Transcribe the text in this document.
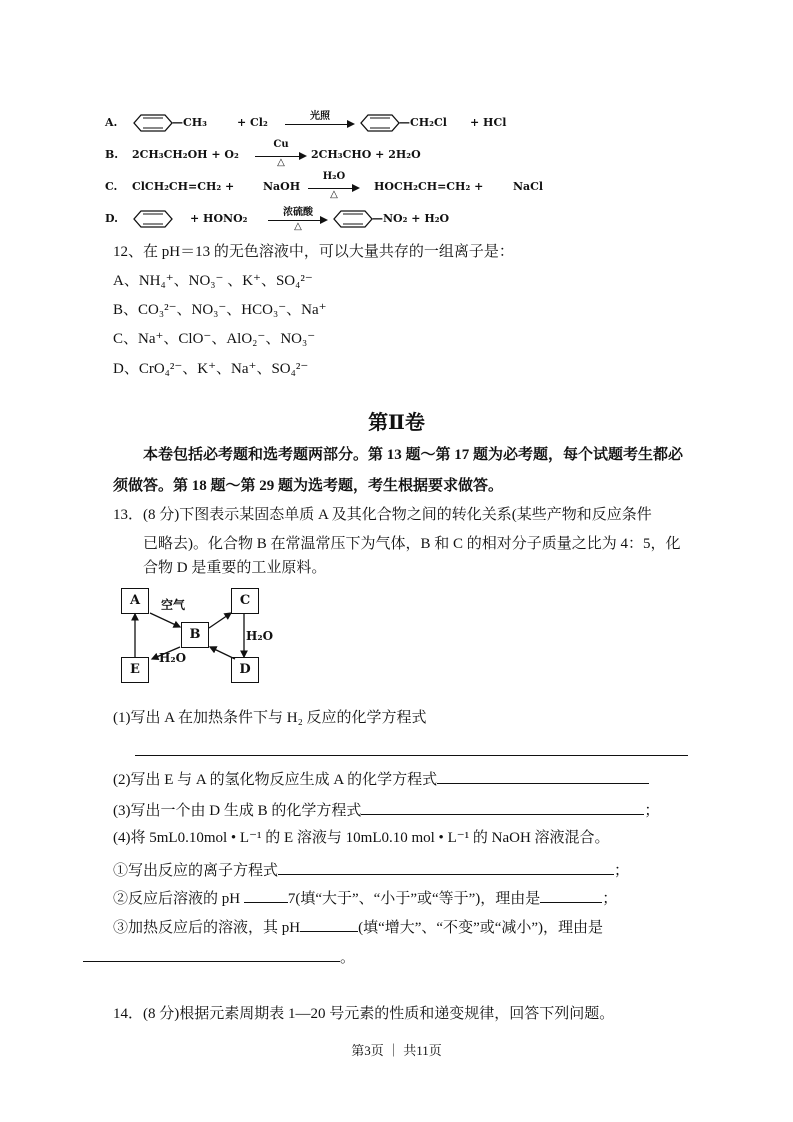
A.	—CH₃	+ Cl₂	光照	—CH₂Cl + HCl
B. 2CH₃CH₂OH + O₂
Cu
△
2CH₃CHO + 2H₂O
C. ClCH₂CH=CH₂ +	NaOH
H₂O
△
HOCH₂CH=CH₂ +	NaCl
D.	+ HONO₂	浓硫酸
△
—NO₂ + H₂O
12、在 pH＝13 的无色溶液中，可以大量共存的一组离子是：
A、NH₄⁺、NO₃⁻ 、K⁺、SO₄²⁻
B、CO₃²⁻、NO₃⁻、HCO₃⁻、Na⁺
C、Na⁺、ClO⁻、AlO₂⁻、NO₃⁻
D、CrO₄²⁻、K⁺、Na⁺、SO₄²⁻
第Ⅱ卷
本卷包括必考题和选考题两部分。第 13 题～第 17 题为必考题，每个试题考生都必
须做答。第 18 题～第 29 题为选考题，考生根据要求做答。
13．(8 分)下图表示某固态单质 A 及其化合物之间的转化关系(某些产物和反应条件
已略去)。化合物 B 在常温常压下为气体，B 和 C 的相对分子质量之比为 4：5，化
合物 D 是重要的工业原料。
A
B
C
D
E
空气
H₂O
H₂O
(1)写出 A 在加热条件下与 H₂ 反应的化学方程式
(2)写出 E 与 A 的氢化物反应生成 A 的化学方程式
(3)写出一个由 D 生成 B 的化学方程式	；
(4)将 5mL0.10mol • L⁻¹ 的 E 溶液与 10mL0.10 mol • L⁻¹ 的 NaOH 溶液混合。
①写出反应的离子方程式	；
②反应后溶液的 pH	7(填“大于”、“小于”或“等于”)，理由是	；
③加热反应后的溶液，其 pH	(填“增大”、“不变”或“减小”)，理由是
。
14．(8 分)根据元素周期表 1—20 号元素的性质和递变规律，回答下列问题。
第3页 ｜ 共11页
